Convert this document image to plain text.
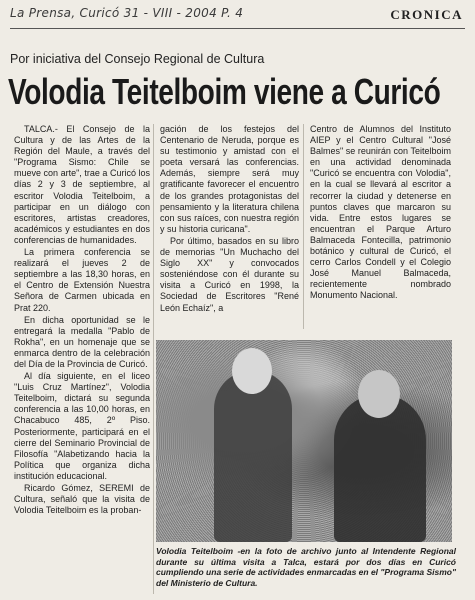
La Prensa, Curicó 31 - VIII - 2004 P. 4	CRONICA
Por iniciativa del Consejo Regional de Cultura
Volodia Teitelboim viene a Curicó

TALCA.- El Consejo de la Cultura y de las Artes de la Región del Maule, a través del "Programa Sismo: Chile se mueve con arte", trae a Curicó los días 2 y 3 de septiembre, al escritor Volodia Teitelboim, a participar en un diálogo con escritores, artistas creadores, académicos y estudiantes en dos conferencias de humanidades.

La primera conferencia se realizará el jueves 2 de septiembre a las 18,30 horas, en el Centro de Extensión Nuestra Señora de Carmen ubicada en Prat 220.

En dicha oportunidad se le entregará la medalla "Pablo de Rokha", en un homenaje que se enmarca dentro de la celebración del Día de la Provincia de Curicó.

Al día siguiente, en el liceo "Luis Cruz Martínez", Volodia Teitelboim, dictará su segunda conferencia a las 10,00 horas, en Chacabuco 485, 2º Piso. Posteriormente, participará en el cierre del Seminario Provincial de Filosofía "Alabetizando hacia la Política que organiza dicha institución educacional.

Ricardo Gómez, SEREMI de Cultura, señaló que la visita de Volodia Teitelboim es la proban-

gación de los festejos del Centenario de Neruda, porque es su testimonio y amistad con el poeta versará las conferencias. Además, siempre será muy gratificante favorecer el encuentro de los grandes protagonistas del pensamiento y la literatura chilena con sus raíces, con nuestra región y su historia curicana".

Por último, basados en su libro de memorias "Un Muchacho del Siglo XX" y convocados sosteniéndose con él durante su visita a Curicó en 1998, la Sociedad de Escritores "René León Echaíz", a

Centro de Alumnos del Instituto AIEP y el Centro Cultural "José Balmes" se reunirán con Teitelboim en una actividad denominada "Curicó se encuentra con Volodia", en la cual se llevará al escritor a recorrer la ciudad y detenerse en puntos claves que marcaron su vida. Entre estos lugares se encuentran el Parque Arturo Balmaceda Fontecilla, patrimonio botánico y cultural de Curicó, el cerro Carlos Condell y el Colegio José Manuel Balmaceda, recientemente nombrado Monumento Nacional.

Volodia Teitelboim -en la foto de archivo junto al Intendente Regional durante su última visita a Talca, estará por dos días en Curicó cumpliendo una serie de actividades enmarcadas en el "Programa Sismo" del Ministerio de Cultura.
